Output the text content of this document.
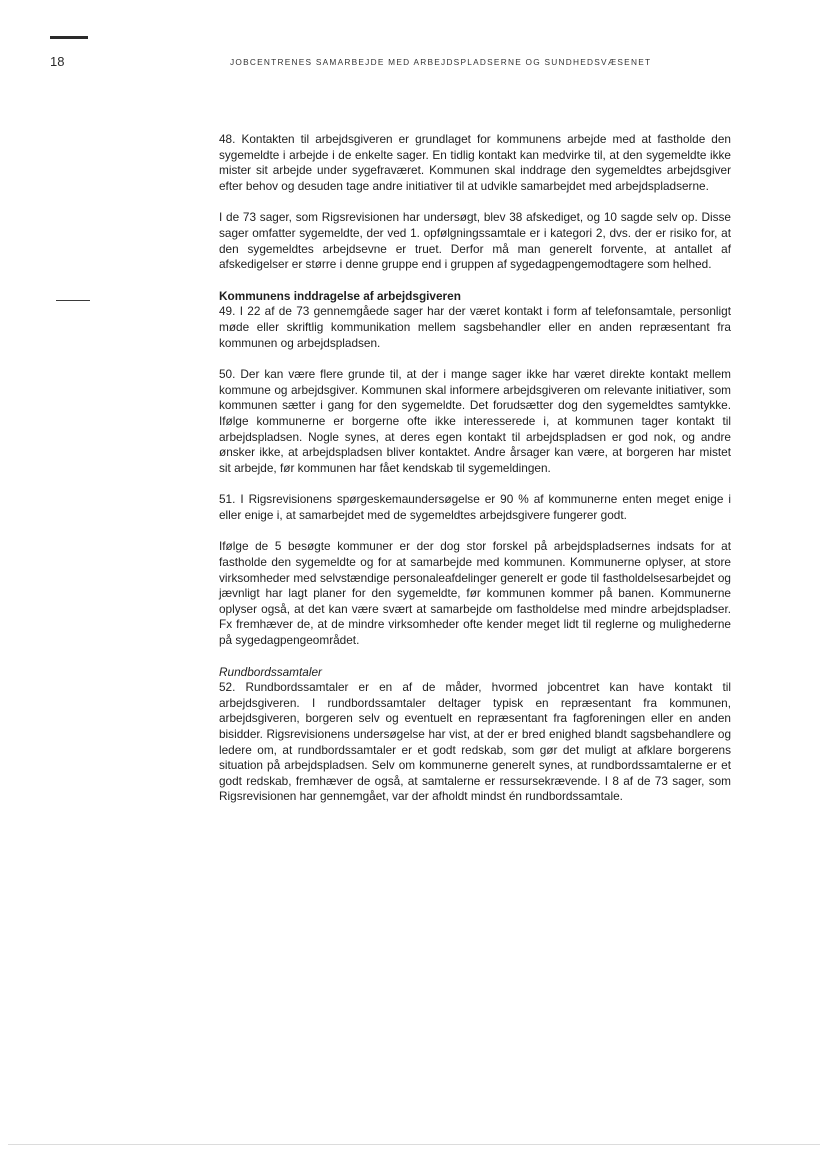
18	JOBCENTRENES SAMARBEJDE MED ARBEJDSPLADSERNE OG SUNDHEDSVÆSENET

48. Kontakten til arbejdsgiveren er grundlaget for kommunens arbejde med at fastholde den sygemeldte i arbejde i de enkelte sager. En tidlig kontakt kan medvirke til, at den sygemeldte ikke mister sit arbejde under sygefraværet. Kommunen skal inddrage den sygemeldtes arbejdsgiver efter behov og desuden tage andre initiativer til at udvikle samarbejdet med arbejdspladserne.

I de 73 sager, som Rigsrevisionen har undersøgt, blev 38 afskediget, og 10 sagde selv op. Disse sager omfatter sygemeldte, der ved 1. opfølgningssamtale er i kategori 2, dvs. der er risiko for, at den sygemeldtes arbejdsevne er truet. Derfor må man generelt forvente, at antallet af afskedigelser er større i denne gruppe end i gruppen af sygedagpengemodtagere som helhed.

Kommunens inddragelse af arbejdsgiveren
49. I 22 af de 73 gennemgåede sager har der været kontakt i form af telefonsamtale, personligt møde eller skriftlig kommunikation mellem sagsbehandler eller en anden repræsentant fra kommunen og arbejdspladsen.

50. Der kan være flere grunde til, at der i mange sager ikke har været direkte kontakt mellem kommune og arbejdsgiver. Kommunen skal informere arbejdsgiveren om relevante initiativer, som kommunen sætter i gang for den sygemeldte. Det forudsætter dog den sygemeldtes samtykke. Ifølge kommunerne er borgerne ofte ikke interesserede i, at kommunen tager kontakt til arbejdspladsen. Nogle synes, at deres egen kontakt til arbejdspladsen er god nok, og andre ønsker ikke, at arbejdspladsen bliver kontaktet. Andre årsager kan være, at borgeren har mistet sit arbejde, før kommunen har fået kendskab til sygemeldingen.

51. I Rigsrevisionens spørgeskemaundersøgelse er 90 % af kommunerne enten meget enige i eller enige i, at samarbejdet med de sygemeldtes arbejdsgivere fungerer godt.

Ifølge de 5 besøgte kommuner er der dog stor forskel på arbejdspladsernes indsats for at fastholde den sygemeldte og for at samarbejde med kommunen. Kommunerne oplyser, at store virksomheder med selvstændige personaleafdelinger generelt er gode til fastholdelsesarbejdet og jævnligt har lagt planer for den sygemeldte, før kommunen kommer på banen. Kommunerne oplyser også, at det kan være svært at samarbejde om fastholdelse med mindre arbejdspladser. Fx fremhæver de, at de mindre virksomheder ofte kender meget lidt til reglerne og mulighederne på sygedagpengeområdet.

Rundbordssamtaler
52. Rundbordssamtaler er en af de måder, hvormed jobcentret kan have kontakt til arbejdsgiveren. I rundbordssamtaler deltager typisk en repræsentant fra kommunen, arbejdsgiveren, borgeren selv og eventuelt en repræsentant fra fagforeningen eller en anden bisidder. Rigsrevisionens undersøgelse har vist, at der er bred enighed blandt sagsbehandlere og ledere om, at rundbordssamtaler er et godt redskab, som gør det muligt at afklare borgerens situation på arbejdspladsen. Selv om kommunerne generelt synes, at rundbordssamtalerne er et godt redskab, fremhæver de også, at samtalerne er ressursekrævende. I 8 af de 73 sager, som Rigsrevisionen har gennemgået, var der afholdt mindst én rundbordssamtale.
